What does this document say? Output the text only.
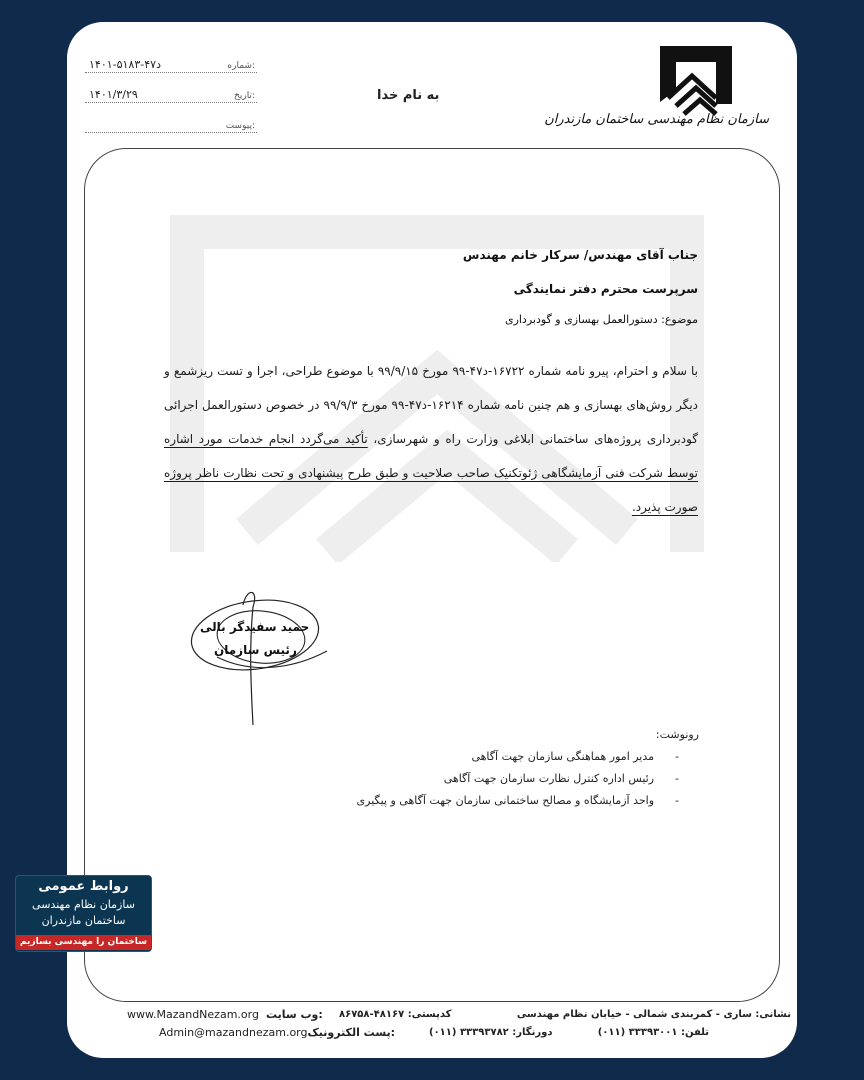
شماره:
۱۴۰۱-د۴۷-۵۱۸۳
تاریخ:
۱۴۰۱/۳/۲۹
پیوست:
به نام خدا
سازمان نظام مهندسی ساختمان مازندران
جناب آقای مهندس/ سرکار خانم مهندس
سرپرست محترم دفتر نمایندگی
موضوع: دستورالعمل بهسازی و گودبرداری

با سلام و احترام، پیرو نامه شماره ۱۶۷۲۲-د۴۷-۹۹ مورخ ۹۹/۹/۱۵ با موضوع طراحی، اجرا و تست ریزشمع و دیگر روش‌های بهسازی و هم چنین نامه شماره ۱۶۲۱۴-د۴۷-۹۹ مورخ ۹۹/۹/۳ در خصوص دستورالعمل اجرائی گودبرداری پروژه‌های ساختمانی ابلاغی وزارت راه و شهرسازی، تأکید می‌گردد انجام خدمات مورد اشاره توسط شرکت فنی آزمایشگاهی ژئوتکنیک صاحب صلاحیت و طبق طرح پیشنهادی و تحت نظارت ناظر پروژه صورت پذیرد.

حمید سفیدگر بالی
رئیس سازمان
رونوشت:
-      مدیر امور هماهنگی سازمان جهت آگاهی
-      رئیس اداره کنترل نظارت سازمان جهت آگاهی
-      واحد آزمایشگاه و مصالح ساختمانی سازمان جهت آگاهی و پیگیری
نشانی: ساری - کمربندی شمالی - خیابان نظام مهندسی
تلفن: ۳۳۳۹۳۰۰۱ (۰۱۱)
کدپستی: ۴۸۱۶۷-۸۶۷۵۸
دورنگار: ۳۳۳۹۳۷۸۲ (۰۱۱)
www.MazandNezam.org وب سایت:
Admin@mazandnezam.orgپست الکترونیک:
روابط عمومی
سازمان نظام مهندسی
ساختمان مازندران
ساختمان را مهندسی بسازیم
